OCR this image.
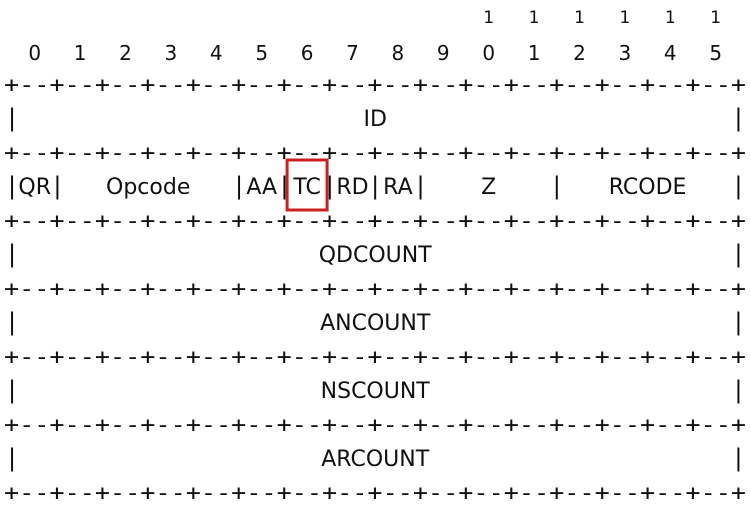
1 1 1 1 1 1
0 1 2 3 4 5 6 7 8 9 0 1 2 3 4 5
+--+--+--+--+--+--+--+--+--+--+--+--+--+--+--+--+
|	ID	|
+--+--+--+--+--+--+--+--+--+--+--+--+--+--+--+--+
| QR | Opcode | AA | TC | RD | RA |	Z | RCODE |
+--+--+--+--+--+--+--+--+--+--+--+--+--+--+--+--+
|	QDCOUNT	|
+--+--+--+--+--+--+--+--+--+--+--+--+--+--+--+--+
|	ANCOUNT	|
+--+--+--+--+--+--+--+--+--+--+--+--+--+--+--+--+
|	NSCOUNT	|
+--+--+--+--+--+--+--+--+--+--+--+--+--+--+--+--+
|	ARCOUNT	|
+--+--+--+--+--+--+--+--+--+--+--+--+--+--+--+--+
